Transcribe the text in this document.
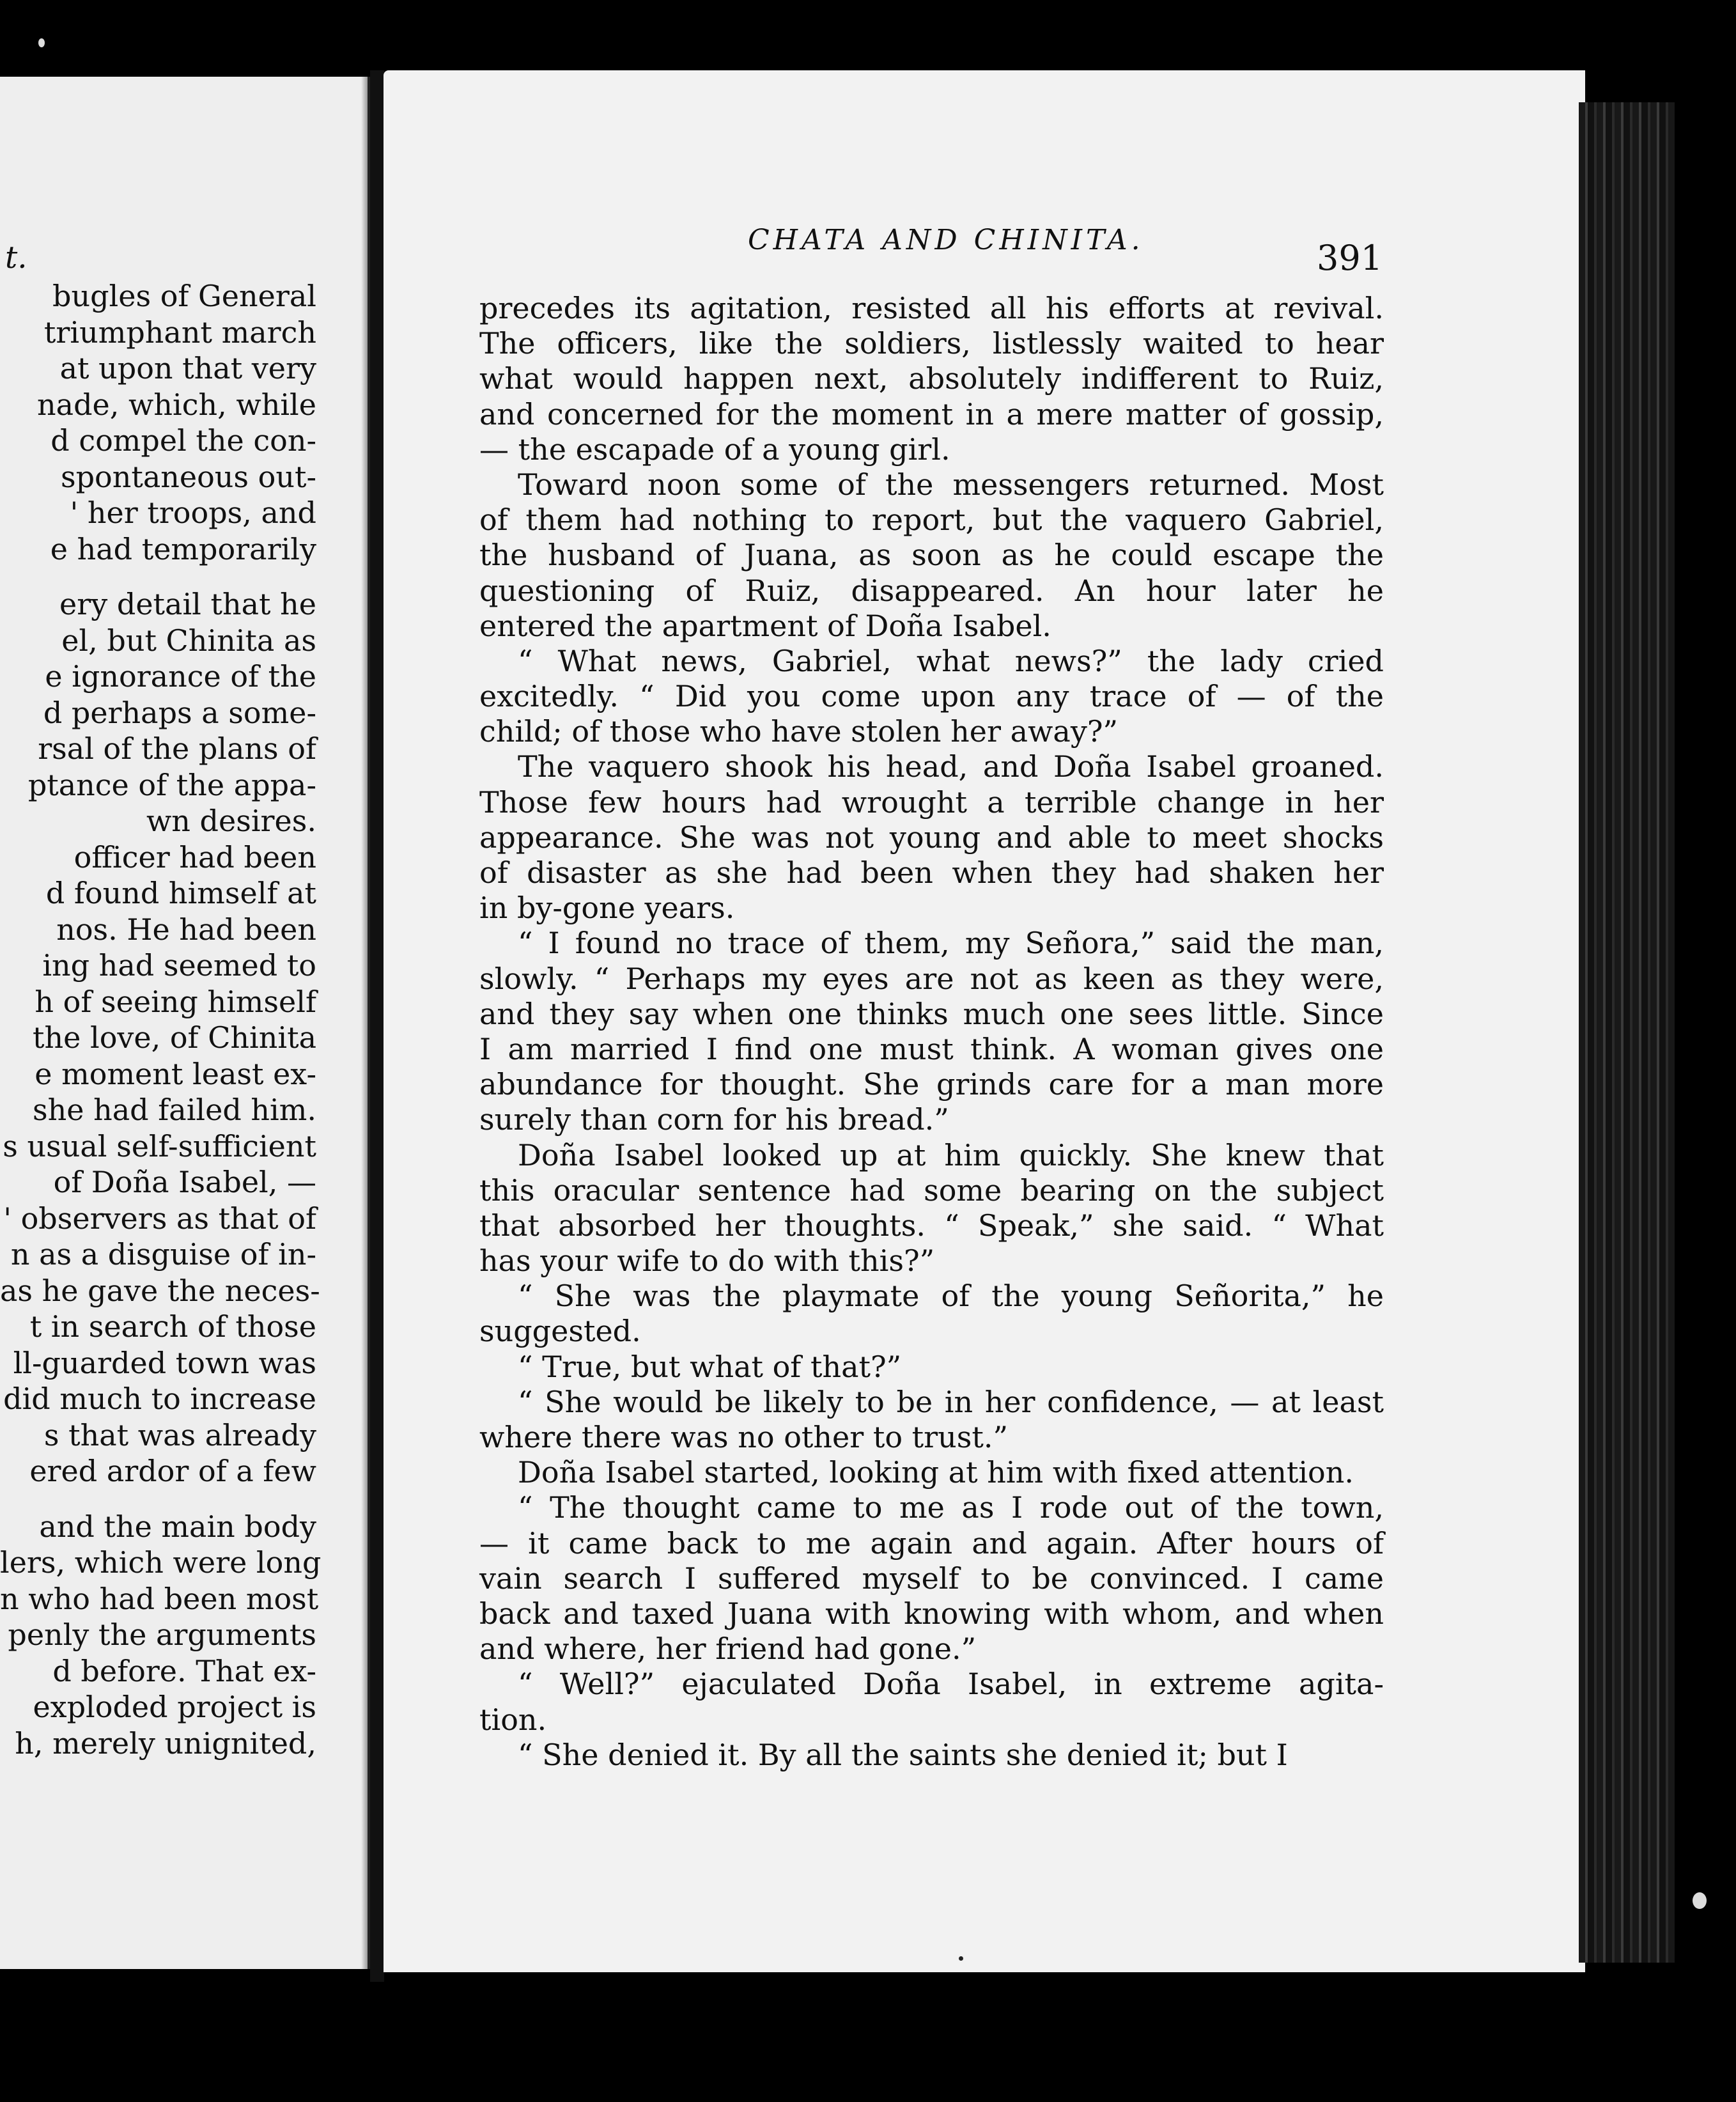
t.
bugles of General
triumphant march
at upon that very
nade, which, while
d compel the con-
spontaneous out-
' her troops, and
e had temporarily
ery detail that he
el, but Chinita as
e ignorance of the
d perhaps a some-
rsal of the plans of
ptance of the appa-
wn desires.
officer had been
d found himself at
nos. He had been
ing had seemed to
h of seeing himself
the love, of Chinita
e moment least ex-
she had failed him.
s usual self-sufficient
of Doña Isabel, —
' observers as that of
n as a disguise of in-
as he gave the neces-
t in search of those
ll-guarded town was
did much to increase
s that was already
ered ardor of a few
and the main body
lers, which were long
n who had been most
penly the arguments
d before. That ex-
exploded project is
h, merely unignited,
CHATA AND CHINITA.	391
precedes its agitation, resisted all his efforts at revival.
The officers, like the soldiers, listlessly waited to hear
what would happen next, absolutely indifferent to Ruiz,
and concerned for the moment in a mere matter of gossip,
— the escapade of a young girl.
Toward noon some of the messengers returned. Most
of them had nothing to report, but the vaquero Gabriel,
the husband of Juana, as soon as he could escape the
questioning of Ruiz, disappeared. An hour later he
entered the apartment of Doña Isabel.
“ What news, Gabriel, what news?” the lady cried
excitedly. “ Did you come upon any trace of — of the
child; of those who have stolen her away?”
The vaquero shook his head, and Doña Isabel groaned.
Those few hours had wrought a terrible change in her
appearance. She was not young and able to meet shocks
of disaster as she had been when they had shaken her
in by-gone years.
“ I found no trace of them, my Señora,” said the man,
slowly. “ Perhaps my eyes are not as keen as they were,
and they say when one thinks much one sees little. Since
I am married I find one must think. A woman gives one
abundance for thought. She grinds care for a man more
surely than corn for his bread.”
Doña Isabel looked up at him quickly. She knew that
this oracular sentence had some bearing on the subject
that absorbed her thoughts. “ Speak,” she said. “ What
has your wife to do with this?”
“ She was the playmate of the young Señorita,” he
suggested.
“ True, but what of that?”
“ She would be likely to be in her confidence, — at least
where there was no other to trust.”
Doña Isabel started, looking at him with fixed attention.
“ The thought came to me as I rode out of the town,
— it came back to me again and again. After hours of
vain search I suffered myself to be convinced. I came
back and taxed Juana with knowing with whom, and when
and where, her friend had gone.”
“ Well?” ejaculated Doña Isabel, in extreme agita-
tion.
“ She denied it. By all the saints she denied it; but I
